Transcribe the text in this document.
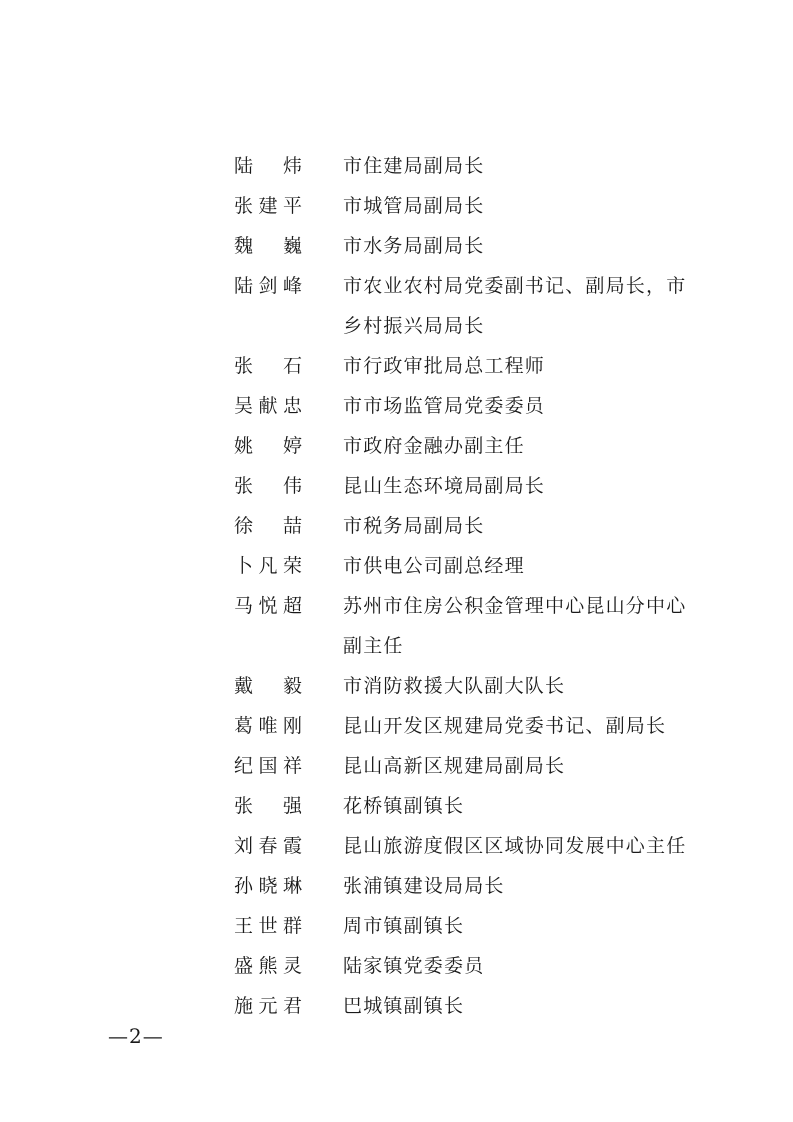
陆　炜 市住建局副局长
张建平 市城管局副局长
魏　巍 市水务局副局长
陆剑峰 市农业农村局党委副书记、副局长，市乡村振兴局局长
张　石 市行政审批局总工程师
吴献忠 市市场监管局党委委员
姚　婷 市政府金融办副主任
张　伟 昆山生态环境局副局长
徐　喆 市税务局副局长
卜凡荣 市供电公司副总经理
马悦超 苏州市住房公积金管理中心昆山分中心副主任
戴　毅 市消防救援大队副大队长
葛唯刚 昆山开发区规建局党委书记、副局长
纪国祥 昆山高新区规建局副局长
张　强 花桥镇副镇长
刘春霞 昆山旅游度假区区域协同发展中心主任
孙晓琳 张浦镇建设局局长
王世群 周市镇副镇长
盛熊灵 陆家镇党委委员
施元君 巴城镇副镇长
—2—
